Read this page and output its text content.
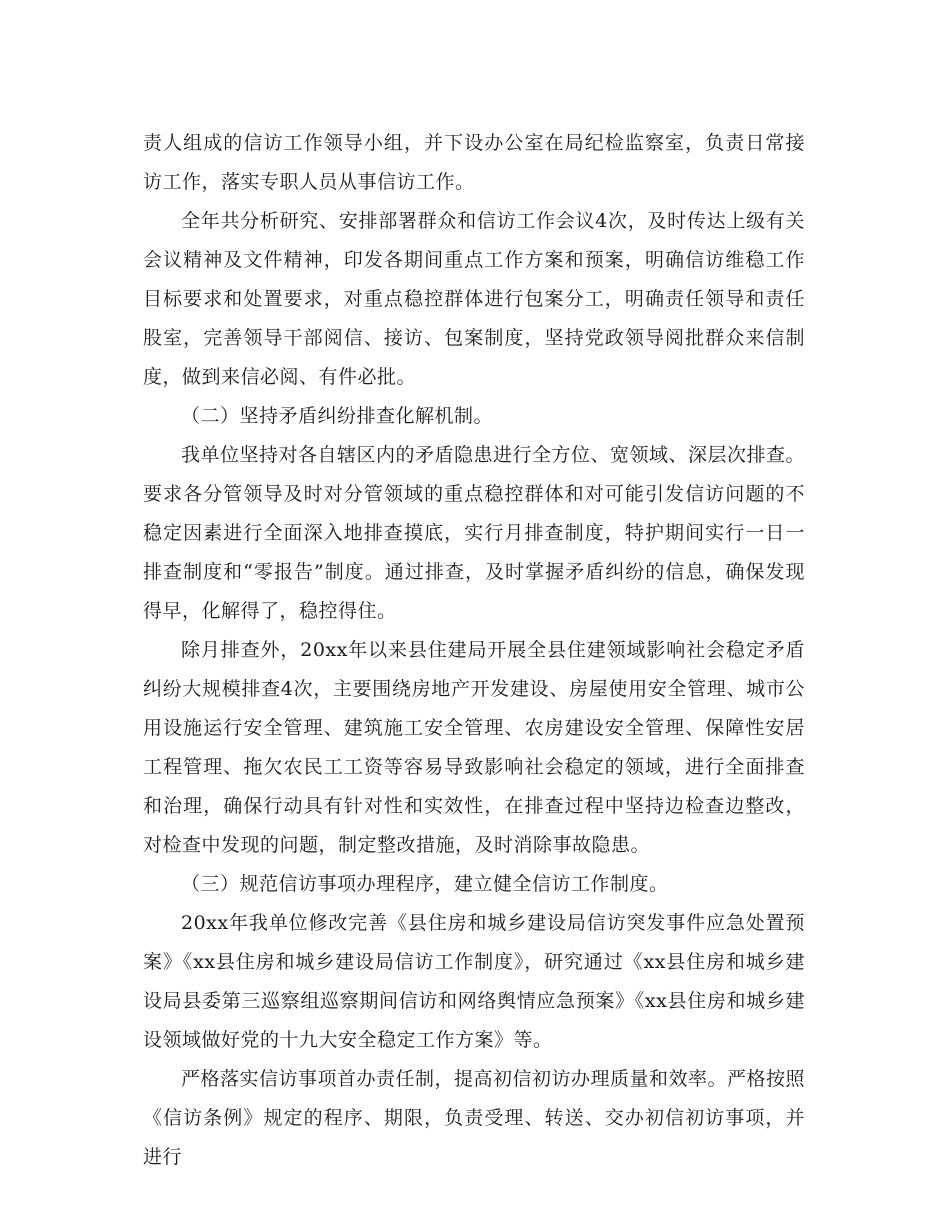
责人组成的信访工作领导小组，并下设办公室在局纪检监察室，负责日常接访工作，落实专职人员从事信访工作。

全年共分析研究、安排部署群众和信访工作会议4次，及时传达上级有关会议精神及文件精神，印发各期间重点工作方案和预案，明确信访维稳工作目标要求和处置要求，对重点稳控群体进行包案分工，明确责任领导和责任股室，完善领导干部阅信、接访、包案制度，坚持党政领导阅批群众来信制度，做到来信必阅、有件必批。

（二）坚持矛盾纠纷排查化解机制。

我单位坚持对各自辖区内的矛盾隐患进行全方位、宽领域、深层次排查。要求各分管领导及时对分管领域的重点稳控群体和对可能引发信访问题的不稳定因素进行全面深入地排查摸底，实行月排查制度，特护期间实行一日一排查制度和“零报告”制度。通过排查，及时掌握矛盾纠纷的信息，确保发现得早，化解得了，稳控得住。

除月排查外，20xx年以来县住建局开展全县住建领域影响社会稳定矛盾纠纷大规模排查4次，主要围绕房地产开发建设、房屋使用安全管理、城市公用设施运行安全管理、建筑施工安全管理、农房建设安全管理、保障性安居工程管理、拖欠农民工工资等容易导致影响社会稳定的领域，进行全面排查和治理，确保行动具有针对性和实效性，在排查过程中坚持边检查边整改，对检查中发现的问题，制定整改措施，及时消除事故隐患。

（三）规范信访事项办理程序，建立健全信访工作制度。

20xx年我单位修改完善《县住房和城乡建设局信访突发事件应急处置预案》《xx县住房和城乡建设局信访工作制度》，研究通过《xx县住房和城乡建设局县委第三巡察组巡察期间信访和网络舆情应急预案》《xx县住房和城乡建设领域做好党的十九大安全稳定工作方案》等。

严格落实信访事项首办责任制，提高初信初访办理质量和效率。严格按照《信访条例》规定的程序、期限，负责受理、转送、交办初信初访事项，并进行
